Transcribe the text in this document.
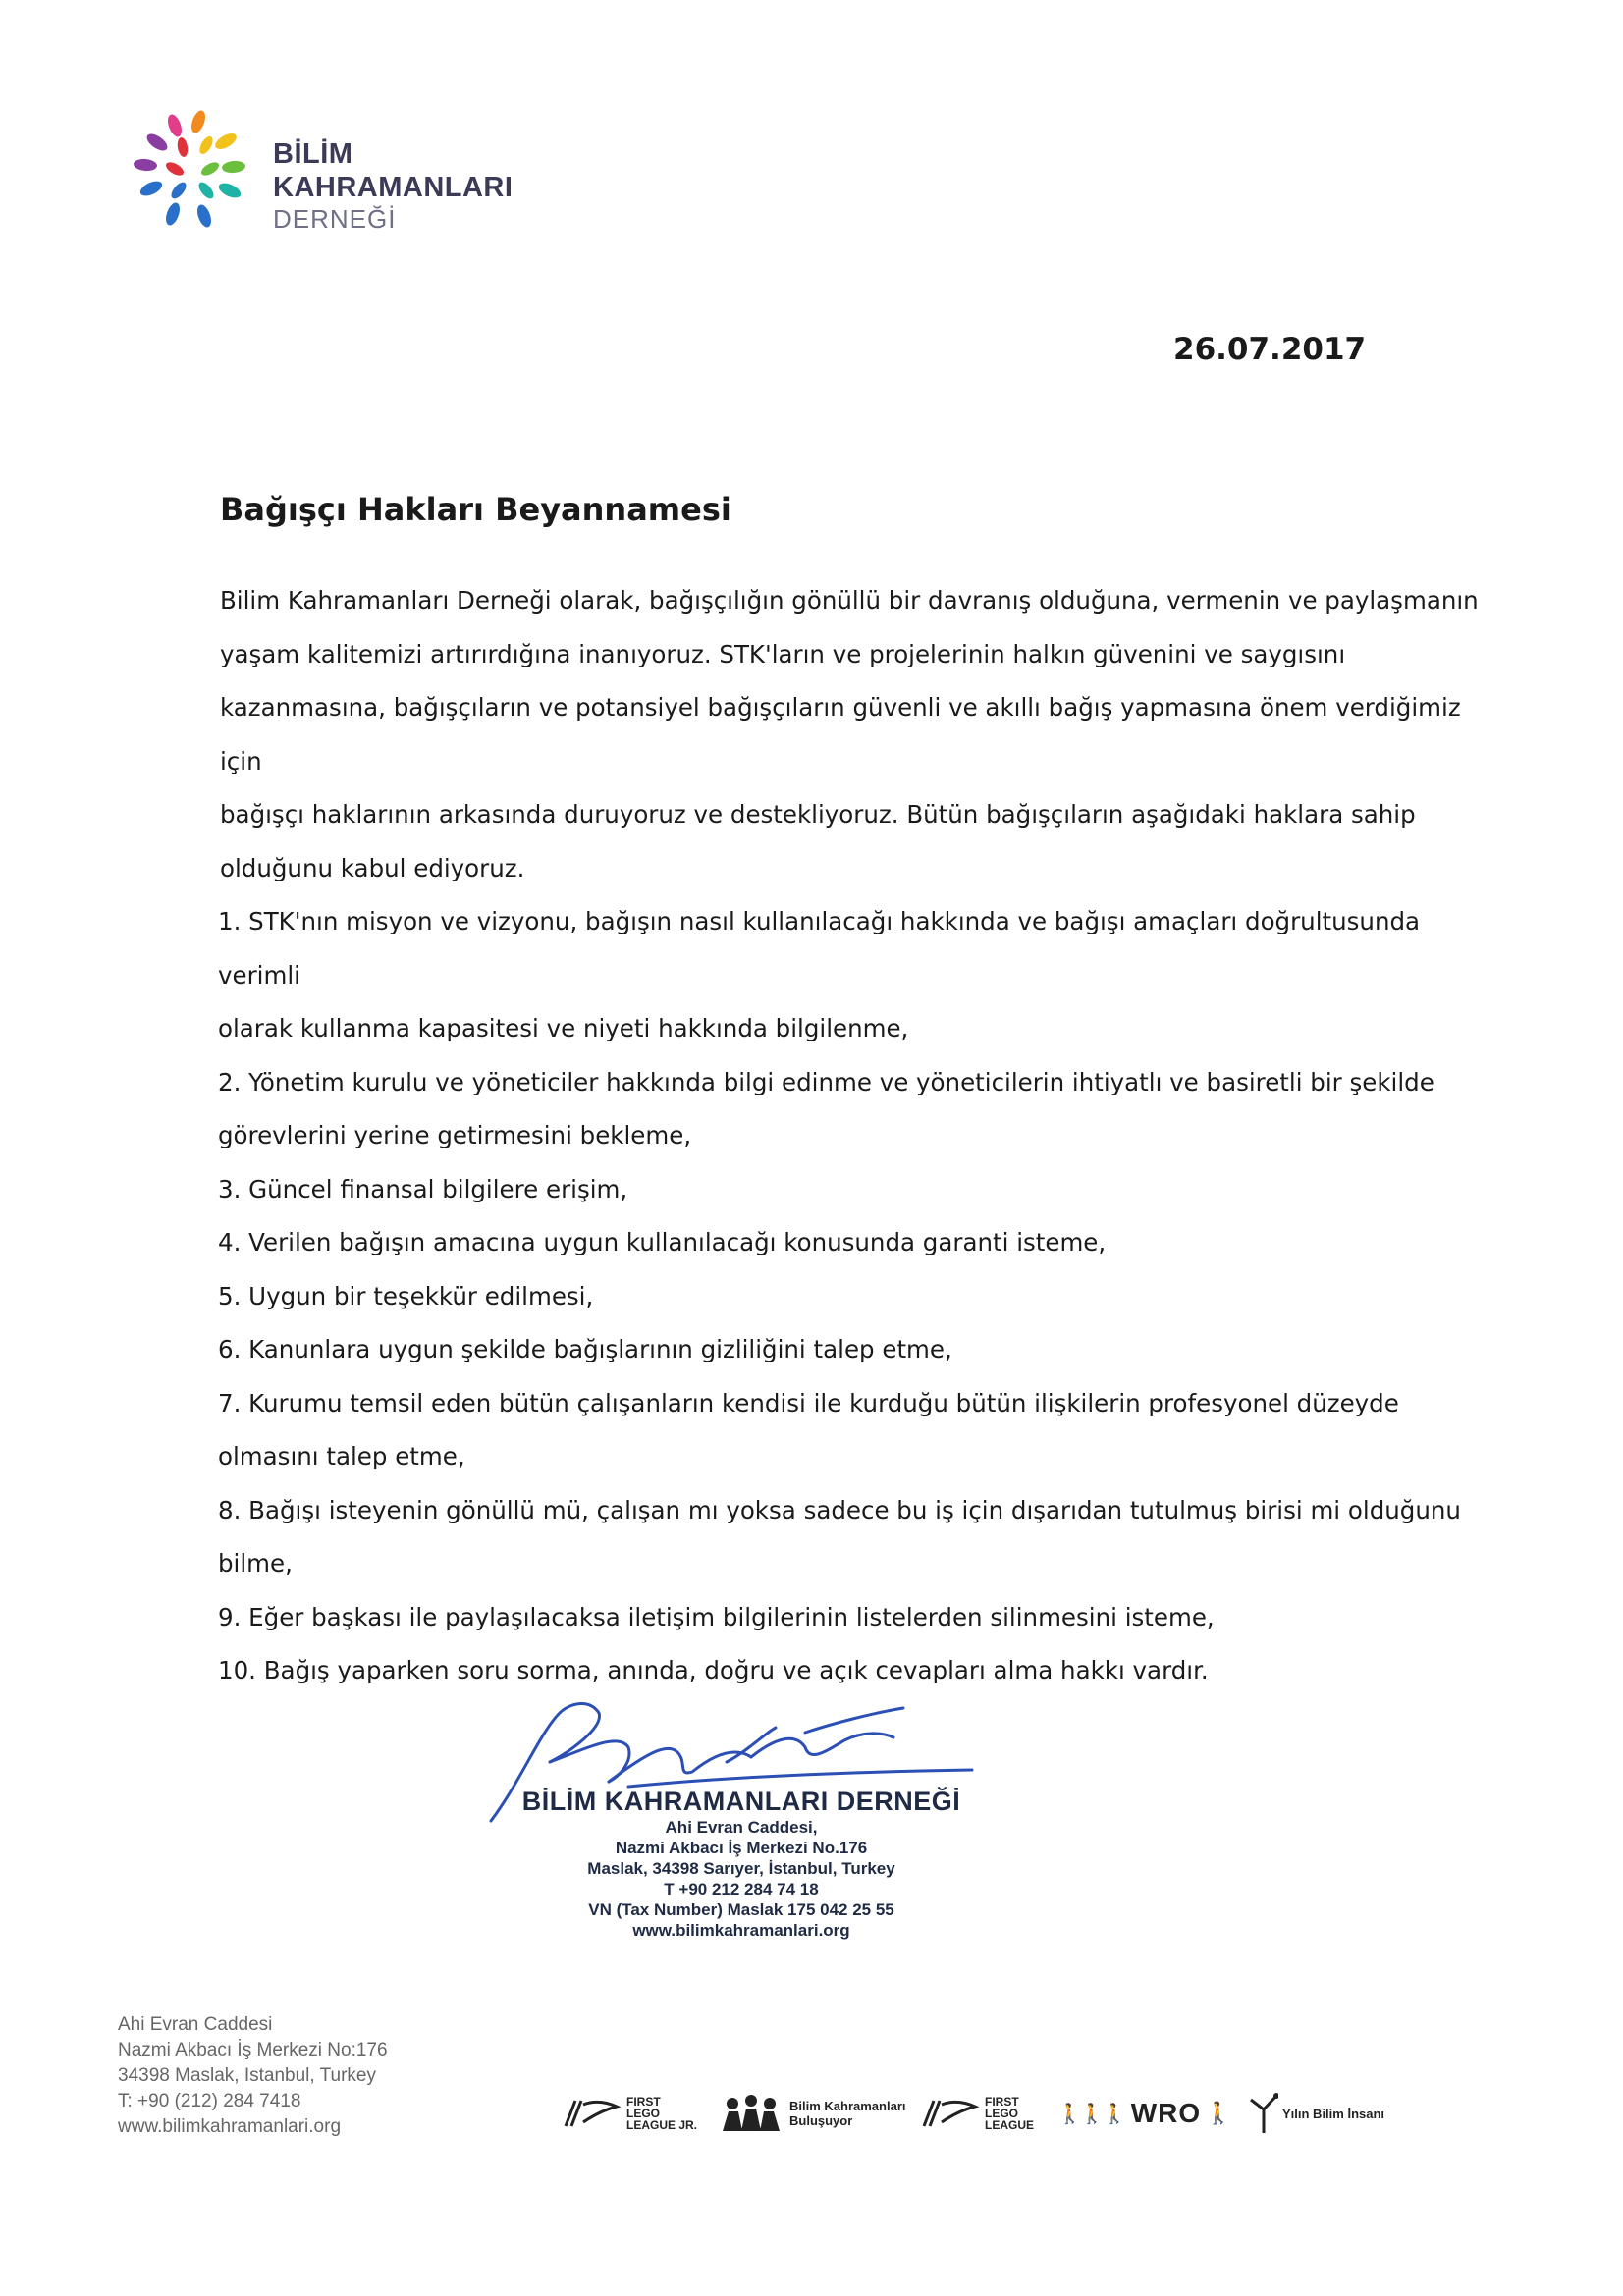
BİLİM
KAHRAMANLARI
DERNEĞİ
26.07.2017
Bağışçı Hakları Beyannamesi

Bilim Kahramanları Derneği olarak, bağışçılığın gönüllü bir davranış olduğuna, vermenin ve paylaşmanın

yaşam kalitemizi artırırdığına inanıyoruz. STK'ların ve projelerinin halkın güvenini ve saygısını

kazanmasına, bağışçıların ve potansiyel bağışçıların güvenli ve akıllı bağış yapmasına önem verdiğimiz için

bağışçı haklarının arkasında duruyoruz ve destekliyoruz. Bütün bağışçıların aşağıdaki haklara sahip

olduğunu kabul ediyoruz.

1. STK'nın misyon ve vizyonu, bağışın nasıl kullanılacağı hakkında ve bağışı amaçları doğrultusunda verimli
olarak kullanma kapasitesi ve niyeti hakkında bilgilenme,
2. Yönetim kurulu ve yöneticiler hakkında bilgi edinme ve yöneticilerin ihtiyatlı ve basiretli bir şekilde
görevlerini yerine getirmesini bekleme,
3. Güncel finansal bilgilere erişim,
4. Verilen bağışın amacına uygun kullanılacağı konusunda garanti isteme,
5. Uygun bir teşekkür edilmesi,
6. Kanunlara uygun şekilde bağışlarının gizliliğini talep etme,
7. Kurumu temsil eden bütün çalışanların kendisi ile kurduğu bütün ilişkilerin profesyonel düzeyde
olmasını talep etme,
8. Bağışı isteyenin gönüllü mü, çalışan mı yoksa sadece bu iş için dışarıdan tutulmuş birisi mi olduğunu
bilme,
9. Eğer başkası ile paylaşılacaksa iletişim bilgilerinin listelerden silinmesini isteme,
10. Bağış yaparken soru sorma, anında, doğru ve açık cevapları alma hakkı vardır.
BİLİM KAHRAMANLARI DERNEĞİ
Ahi Evran Caddesi,
Nazmi Akbacı İş Merkezi No.176
Maslak, 34398 Sarıyer, İstanbul, Turkey
T +90 212 284 74 18
VN (Tax Number) Maslak 175 042 25 55
www.bilimkahramanlari.org
Ahi Evran Caddesi
Nazmi Akbacı İş Merkezi No:176
34398 Maslak, Istanbul, Turkey
T: +90 (212) 284 7418
www.bilimkahramanlari.org
FIRST
LEGO
LEAGUE JR.
Bilim Kahramanları
Buluşuyor
FIRST
LEGO
LEAGUE
🚶🚶🚶 WRO 🚶	Yılın Bilim İnsanı
